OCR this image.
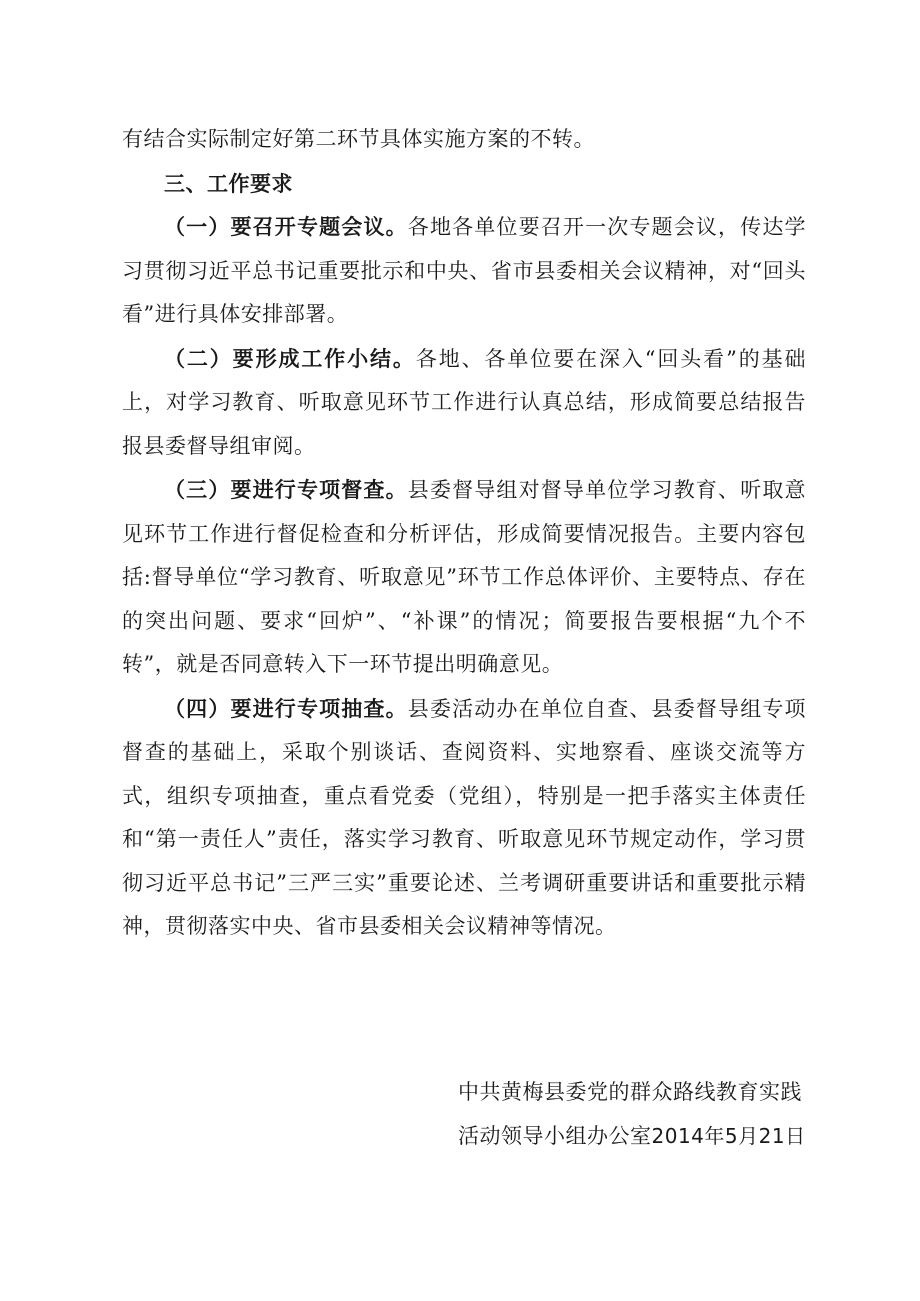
有结合实际制定好第二环节具体实施方案的不转。

三、工作要求

（一）要召开专题会议。各地各单位要召开一次专题会议，传达学习贯彻习近平总书记重要批示和中央、省市县委相关会议精神，对“回头看”进行具体安排部署。

（二）要形成工作小结。各地、各单位要在深入“回头看”的基础上，对学习教育、听取意见环节工作进行认真总结，形成简要总结报告报县委督导组审阅。

（三）要进行专项督查。县委督导组对督导单位学习教育、听取意见环节工作进行督促检查和分析评估，形成简要情况报告。主要内容包括:督导单位“学习教育、听取意见”环节工作总体评价、主要特点、存在的突出问题、要求“回炉”、“补课”的情况；简要报告要根据“九个不转”，就是否同意转入下一环节提出明确意见。

（四）要进行专项抽查。县委活动办在单位自查、县委督导组专项督查的基础上，采取个别谈话、查阅资料、实地察看、座谈交流等方式，组织专项抽查，重点看党委（党组），特别是一把手落实主体责任和“第一责任人”责任，落实学习教育、听取意见环节规定动作，学习贯彻习近平总书记”三严三实”重要论述、兰考调研重要讲话和重要批示精神，贯彻落实中央、省市县委相关会议精神等情况。

中共黄梅县委党的群众路线教育实践

活动领导小组办公室2014年5月21日
